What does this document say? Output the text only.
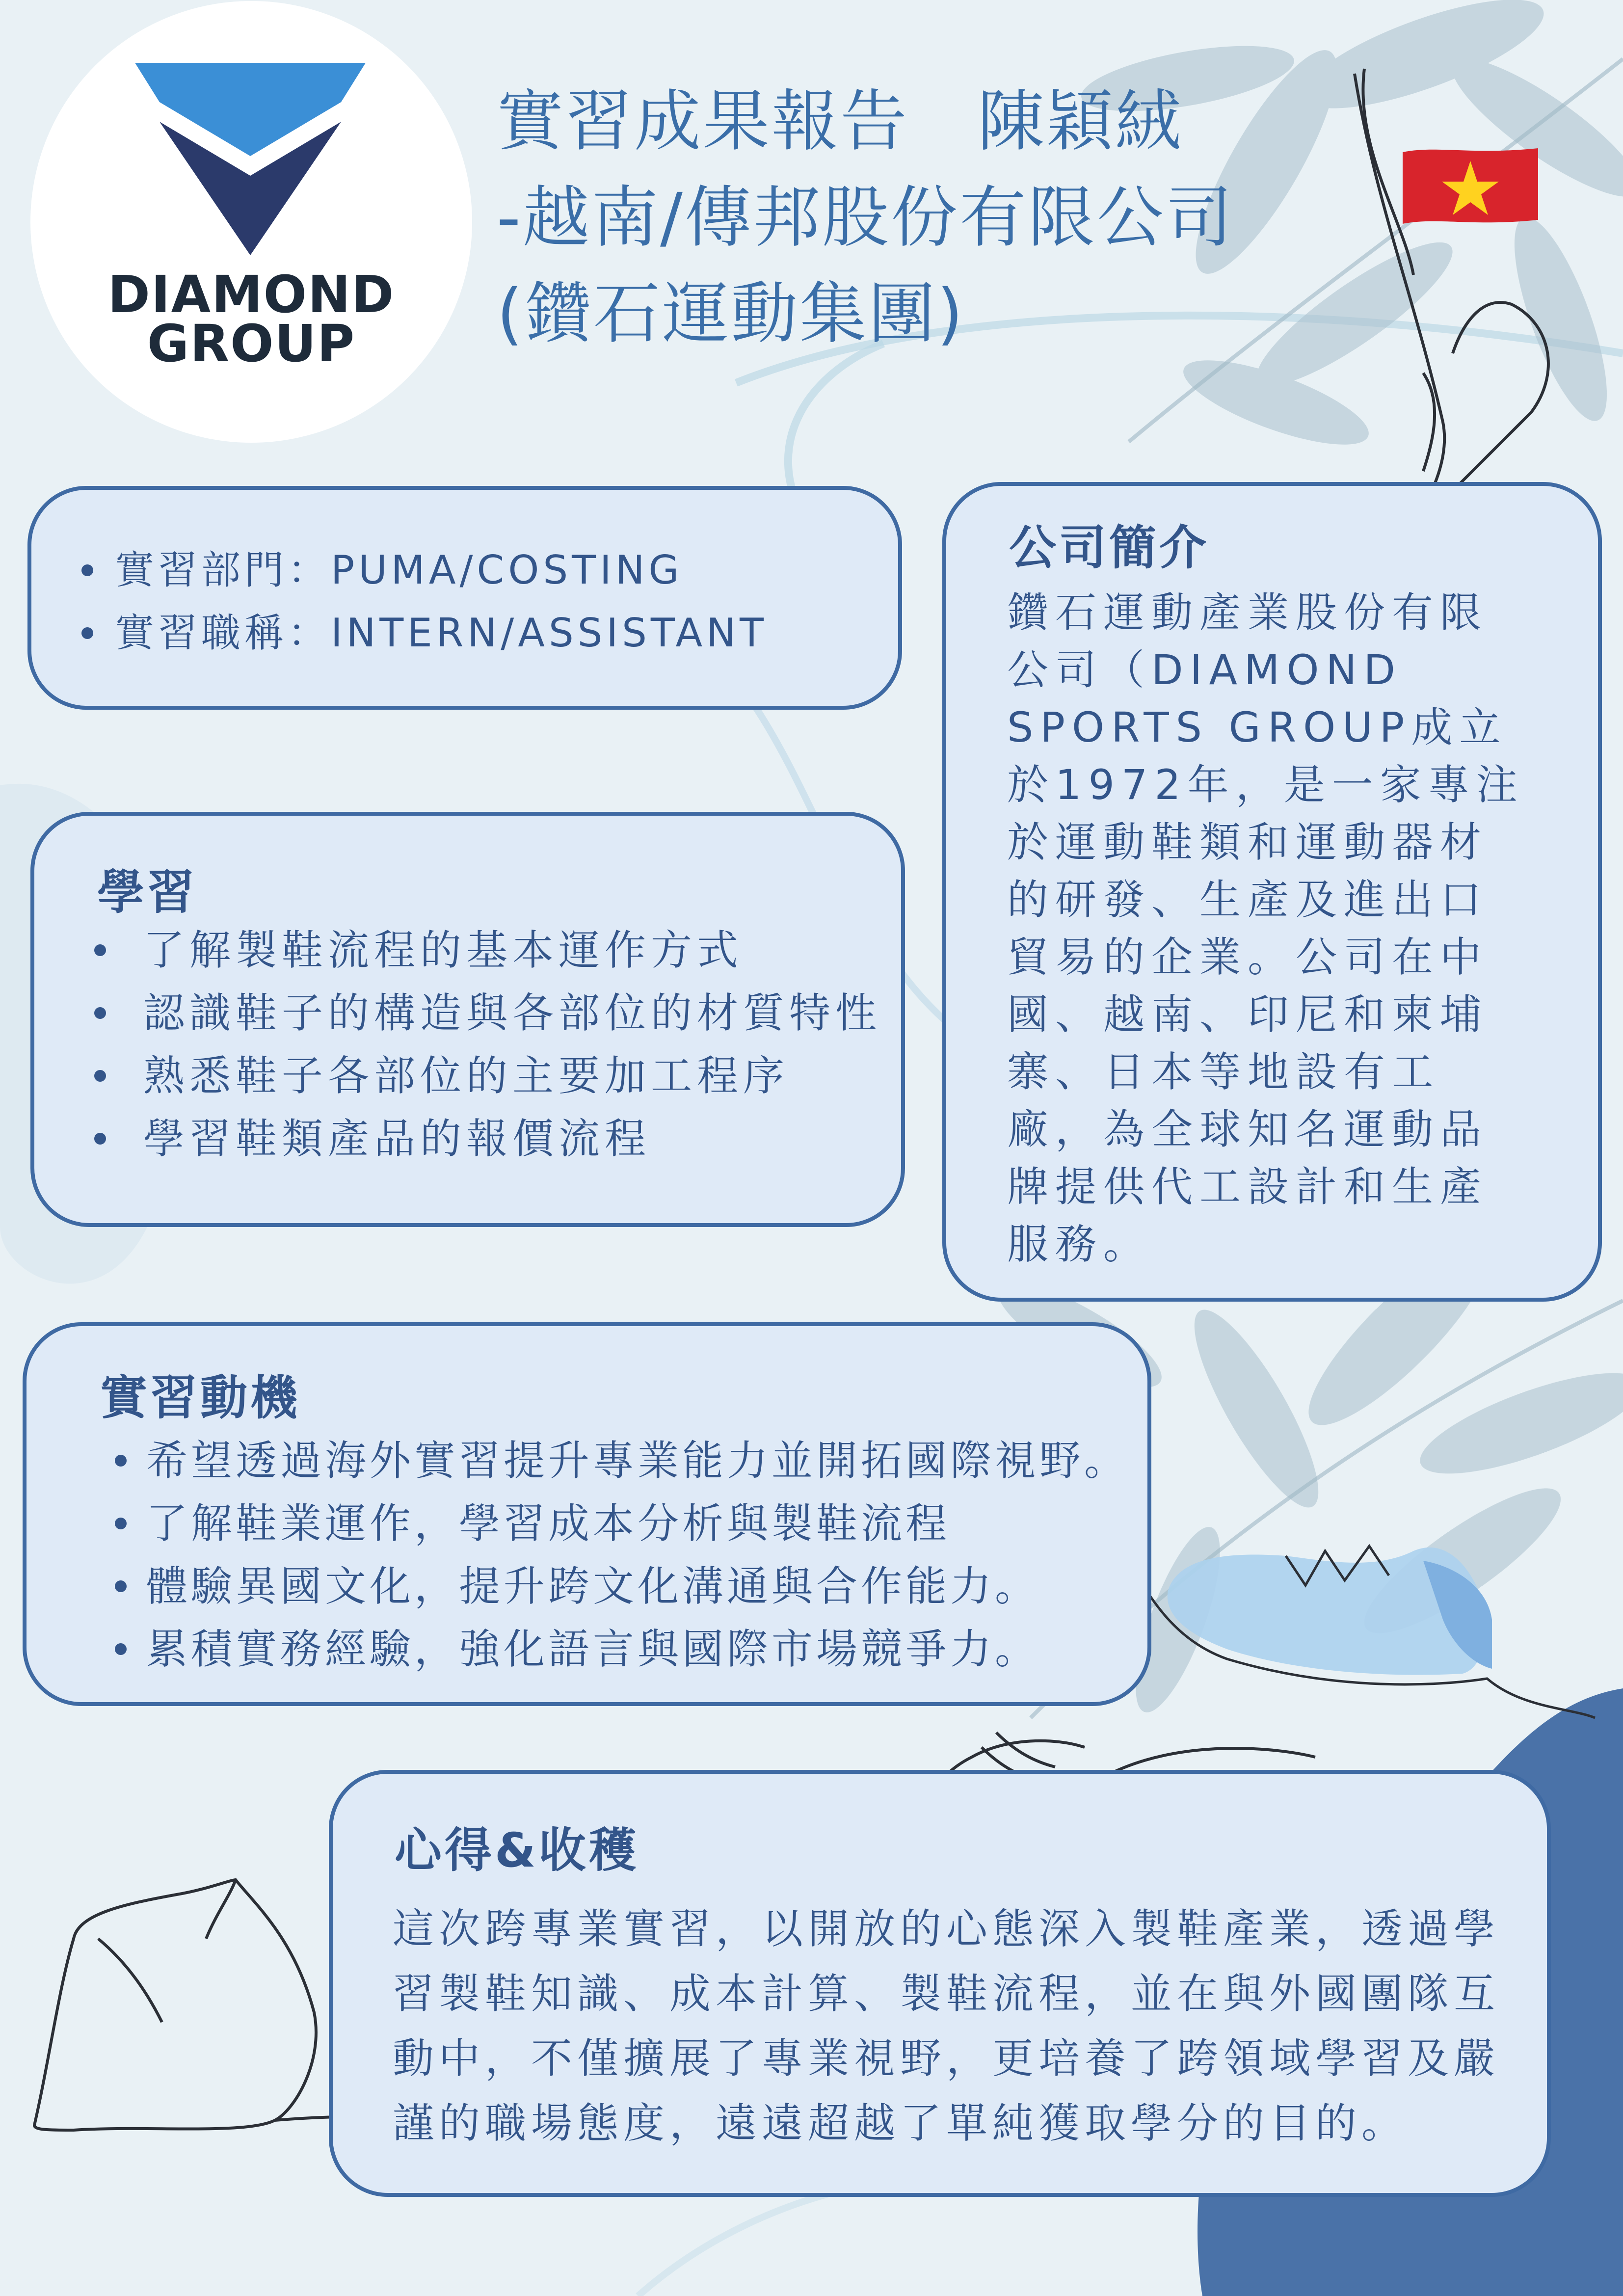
DIAMOND
GROUP
實習成果報告　陳穎絨
-越南/傳邦股份有限公司
(鑽石運動集團)
實習部門：PUMA/COSTING
實習職稱：INTERN/ASSISTANT
學習
了解製鞋流程的基本運作方式
認識鞋子的構造與各部位的材質特性
熟悉鞋子各部位的主要加工程序
學習鞋類產品的報價流程
公司簡介
鑽石運動產業股份有限
公司（DIAMOND
SPORTS GROUP成立
於1972年，是一家專注
於運動鞋類和運動器材
的研發、生產及進出口
貿易的企業。公司在中
國、越南、印尼和柬埔
寨、日本等地設有工
廠，為全球知名運動品
牌提供代工設計和生產
服務。
實習動機
希望透過海外實習提升專業能力並開拓國際視野。
了解鞋業運作，學習成本分析與製鞋流程
體驗異國文化，提升跨文化溝通與合作能力。
累積實務經驗，強化語言與國際市場競爭力。
心得&收穫
這次跨專業實習，以開放的心態深入製鞋產業，透過學
習製鞋知識、成本計算、製鞋流程，並在與外國團隊互
動中，不僅擴展了專業視野，更培養了跨領域學習及嚴
謹的職場態度，遠遠超越了單純獲取學分的目的。
